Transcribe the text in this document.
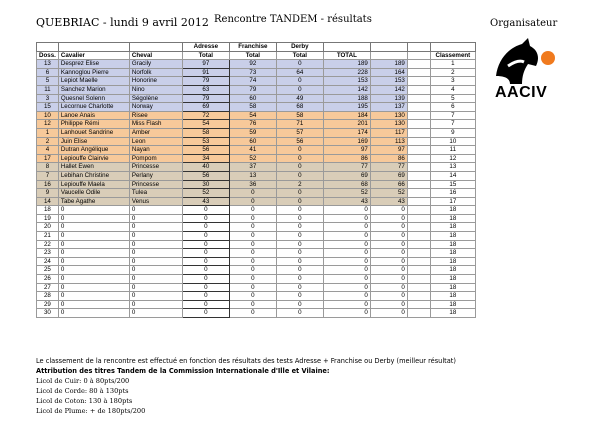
QUEBRIAC - lundi 9 avril 2012 Rencontre TANDEM - résultats	Organisateur
AACIV
			Adresse	Franchise	Derby				
Doss.	Cavalier	Cheval	Total	Total	Total	TOTAL			Classement
13	Desprez Elise	Gracily	97	92	0	189	189		1
6	Kannoglou Pierre	Norfolk	91	73	64	228	164		2
5	Lepiot Maelle	Honorine	79	74	0	153	153		3
11	Sanchez Marion	Nino	63	79	0	142	142		4
3	Quesnel Solenn	Ségolène	79	60	49	188	139		5
15	Lecornue Charlotte	Norway	69	58	68	195	137		6
10	Lanoe Anais	Risee	72	54	58	184	130		7
12	Philippe Rémi	Miss Flash	54	76	71	201	130		7
1	Lanhouet Sandrine	Amber	58	59	57	174	117		9
2	Juin Elise	Leon	53	60	56	169	113		10
4	Dutran Angélique	Nayan	56	41	0	97	97		11
17	Lepiouffe Clairvie	Pompom	34	52	0	86	86		12
8	Hallet Ewen	Princesse	40	37	0	77	77		13
7	Lebihan Christine	Perlany	56	13	0	69	69		14
16	Lepiouffe Maela	Princesse	30	36	2	68	66		15
9	Vaucelle Odile	Tulea	52	0	0	52	52		16
14	Tabe Agathe	Venus	43	0	0	43	43		17
18	0	0	0	0	0	0	0		18
19	0	0	0	0	0	0	0		18
20	0	0	0	0	0	0	0		18
21	0	0	0	0	0	0	0		18
22	0	0	0	0	0	0	0		18
23	0	0	0	0	0	0	0		18
24	0	0	0	0	0	0	0		18
25	0	0	0	0	0	0	0		18
26	0	0	0	0	0	0	0		18
27	0	0	0	0	0	0	0		18
28	0	0	0	0	0	0	0		18
29	0	0	0	0	0	0	0		18
30	0	0	0	0	0	0	0		18
Le classement de la rencontre est effectué en fonction des résultats des tests Adresse + Franchise ou Derby (meilleur résultat)
Attribution des titres Tandem de la Commission Internationale d'Ille et Vilaine:
Licol de Cuir: 0 à 80pts/200
Licol de Corde: 80 à 130pts
Licol de Coton: 130 à 180pts
Licol de Plume: + de 180pts/200
